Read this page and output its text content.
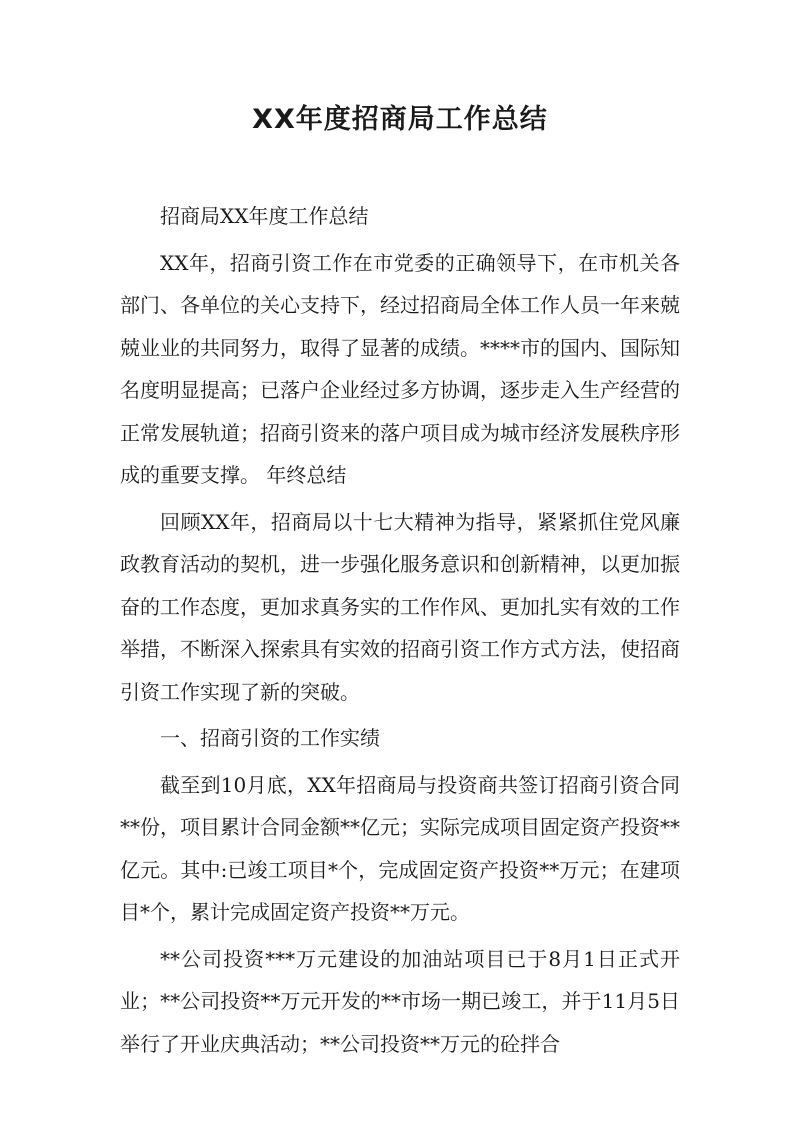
XX年度招商局工作总结

招商局XX年度工作总结

XX年，招商引资工作在市党委的正确领导下，在市机关各部门、各单位的关心支持下，经过招商局全体工作人员一年来兢兢业业的共同努力，取得了显著的成绩。****市的国内、国际知名度明显提高；已落户企业经过多方协调，逐步走入生产经营的正常发展轨道；招商引资来的落户项目成为城市经济发展秩序形成的重要支撑。 年终总结

回顾XX年，招商局以十七大精神为指导，紧紧抓住党风廉政教育活动的契机，进一步强化服务意识和创新精神，以更加振奋的工作态度，更加求真务实的工作作风、更加扎实有效的工作举措，不断深入探索具有实效的招商引资工作方式方法，使招商引资工作实现了新的突破。

一、招商引资的工作实绩

截至到10月底，XX年招商局与投资商共签订招商引资合同**份，项目累计合同金额**亿元；实际完成项目固定资产投资**亿元。其中:已竣工项目*个，完成固定资产投资**万元；在建项目*个，累计完成固定资产投资**万元。

**公司投资***万元建设的加油站项目已于8月1日正式开业；**公司投资**万元开发的**市场一期已竣工，并于11月5日举行了开业庆典活动；**公司投资**万元的砼拌合
